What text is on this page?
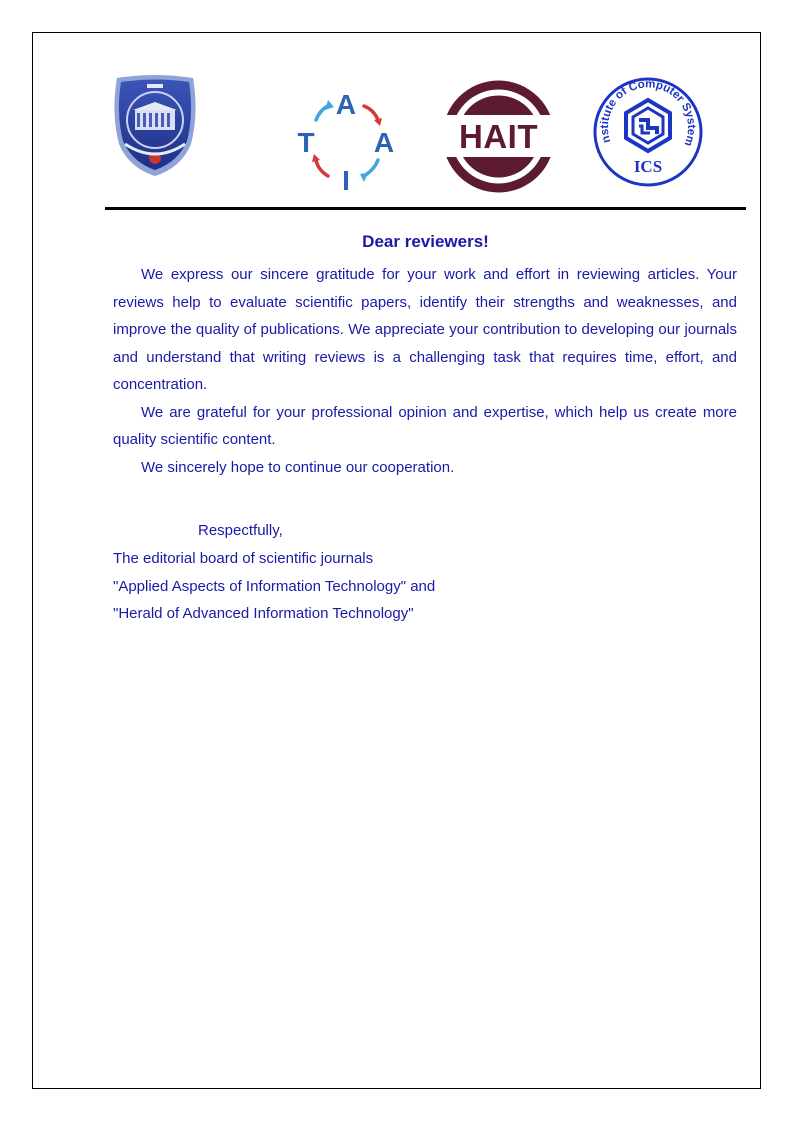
A
T A
I
HAIT	nstitute of Computer System
ICS
Dear reviewers!

We express our sincere gratitude for your work and effort in reviewing articles. Your reviews help to evaluate scientific papers, identify their strengths and weaknesses, and improve the quality of publications. We appreciate your contribution to developing our journals and understand that writing reviews is a challenging task that requires time, effort, and concentration.

We are grateful for your professional opinion and expertise, which help us create more quality scientific content.

We sincerely hope to continue our cooperation.

Respectfully,
The editorial board of scientific journals
"Applied Aspects of Information Technology" and
"Herald of Advanced Information Technology"
